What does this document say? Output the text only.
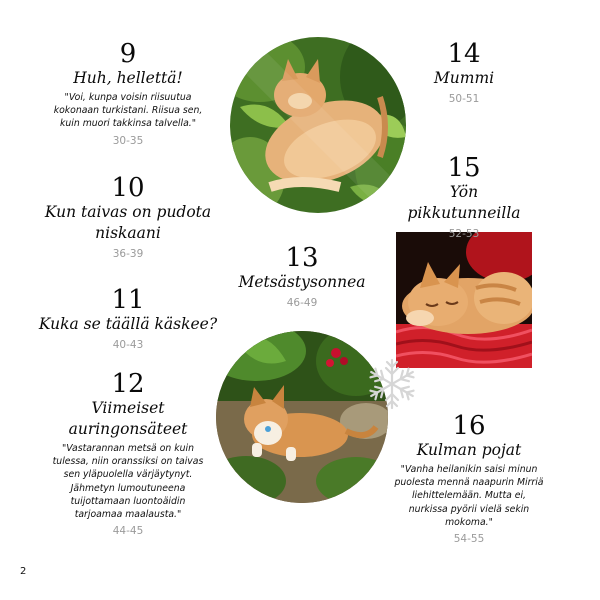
9
Huh, hellettä!
"Voi, kunpa voisin riisuutua
kokonaan turkistani. Riisua sen,
kuin muori takkinsa talvella."
30-35
10
Kun taivas on pudota
niskaani
36-39
11
Kuka se täällä käskee?
40-43
12
Viimeiset
auringonsäteet
"Vastarannan metsä on kuin
tulessa, niin oranssiksi on taivas
sen yläpuolella värjäytynyt.
Jähmetyn lumoutuneena
tuijottamaan luontoäidin
tarjoamaa maalausta."
44-45
13
Metsästysonnea
46-49
14
Mummi
50-51
15
Yön pikkutunneilla
52-53
16
Kulman pojat
"Vanha heilanikin saisi minun
puolesta mennä naapurin Mirriä
liehittelemään. Mutta ei,
nurkissa pyörii vielä sekin
mokoma."
54-55
2
